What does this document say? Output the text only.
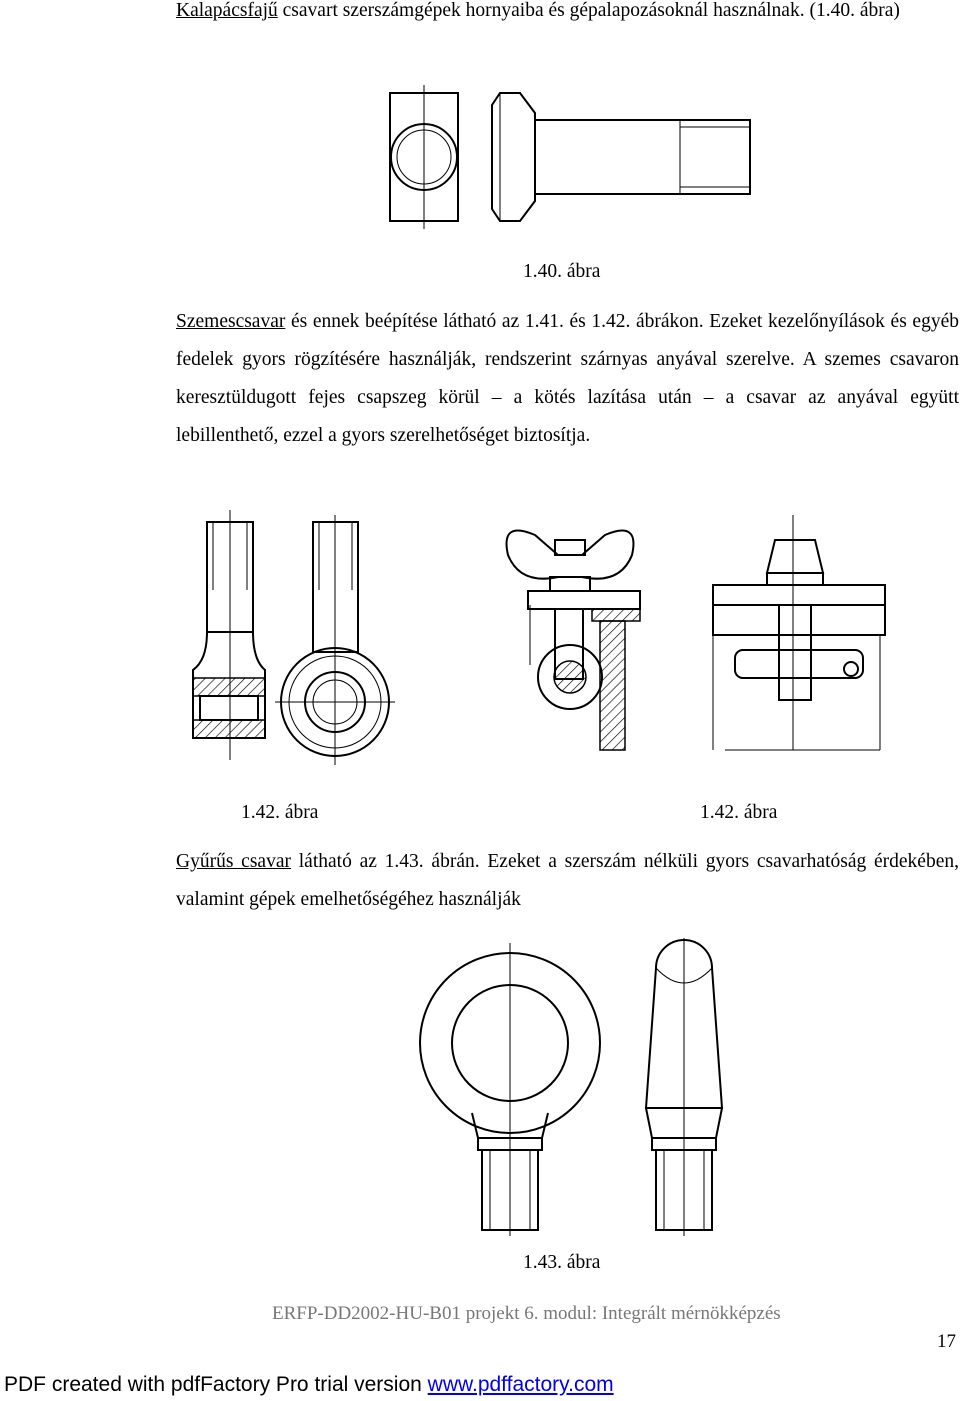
Kalapácsfajű csavart szerszámgépek hornyaiba és gépalapozásoknál használnak. (1.40. ábra)
1.40. ábra
Szemescsavar és ennek beépítése látható az 1.41. és 1.42. ábrákon. Ezeket kezelőnyílások és egyéb fedelek gyors rögzítésére használják, rendszerint szárnyas anyával szerelve. A szemes csavaron keresztüldugott fejes csapszeg körül – a kötés lazítása után – a csavar az anyával együtt lebillenthető, ezzel a gyors szerelhetőséget biztosítja.
1.42. ábra	1.42. ábra
Gyűrűs csavar látható az 1.43. ábrán. Ezeket a szerszám nélküli gyors csavarhatóság érdekében, valamint gépek emelhetőségéhez használják
1.43. ábra
ERFP-DD2002-HU-B01 projekt 6. modul: Integrált mérnökképzés
17
PDF created with pdfFactory Pro trial version www.pdffactory.com
